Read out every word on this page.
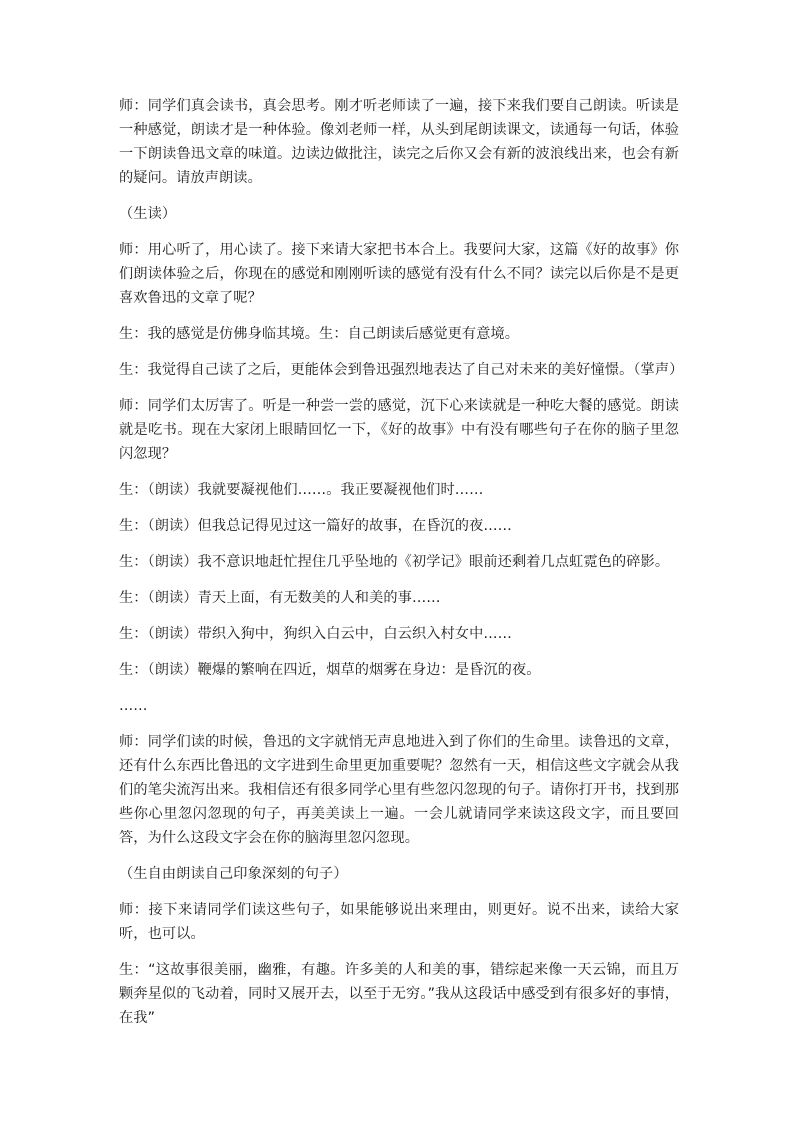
师：同学们真会读书，真会思考。刚才听老师读了一遍，接下来我们要自己朗读。听读是一种感觉，朗读才是一种体验。像刘老师一样，从头到尾朗读课文，读通每一句话，体验一下朗读鲁迅文章的味道。边读边做批注，读完之后你又会有新的波浪线出来，也会有新的疑问。请放声朗读。

（生读）

师：用心听了，用心读了。接下来请大家把书本合上。我要问大家，这篇《好的故事》你们朗读体验之后，你现在的感觉和刚刚听读的感觉有没有什么不同？读完以后你是不是更喜欢鲁迅的文章了呢？

生：我的感觉是仿佛身临其境。生：自己朗读后感觉更有意境。

生：我觉得自己读了之后，更能体会到鲁迅强烈地表达了自己对未来的美好憧憬。（掌声）

师：同学们太厉害了。听是一种尝一尝的感觉，沉下心来读就是一种吃大餐的感觉。朗读就是吃书。现在大家闭上眼睛回忆一下，《好的故事》中有没有哪些句子在你的脑子里忽闪忽现？

生：（朗读）我就要凝视他们……。我正要凝视他们时……

生：（朗读）但我总记得见过这一篇好的故事，在昏沉的夜……

生：（朗读）我不意识地赶忙捏住几乎坠地的《初学记》眼前还剩着几点虹霓色的碎影。

生：（朗读）青天上面，有无数美的人和美的事……

生：（朗读）带织入狗中，狗织入白云中，白云织入村女中……

生：（朗读）鞭爆的繁响在四近，烟草的烟雾在身边：是昏沉的夜。

……

师：同学们读的时候，鲁迅的文字就悄无声息地进入到了你们的生命里。读鲁迅的文章，还有什么东西比鲁迅的文字进到生命里更加重要呢？忽然有一天，相信这些文字就会从我们的笔尖流泻出来。我相信还有很多同学心里有些忽闪忽现的句子。请你打开书，找到那些你心里忽闪忽现的句子，再美美读上一遍。一会儿就请同学来读这段文字，而且要回答，为什么这段文字会在你的脑海里忽闪忽现。

（生自由朗读自己印象深刻的句子）

师：接下来请同学们读这些句子，如果能够说出来理由，则更好。说不出来，读给大家听，也可以。

生：“这故事很美丽，幽雅，有趣。许多美的人和美的事，错综起来像一天云锦，而且万颗奔星似的飞动着，同时又展开去，以至于无穷。”我从这段话中感受到有很多好的事情，在我”
